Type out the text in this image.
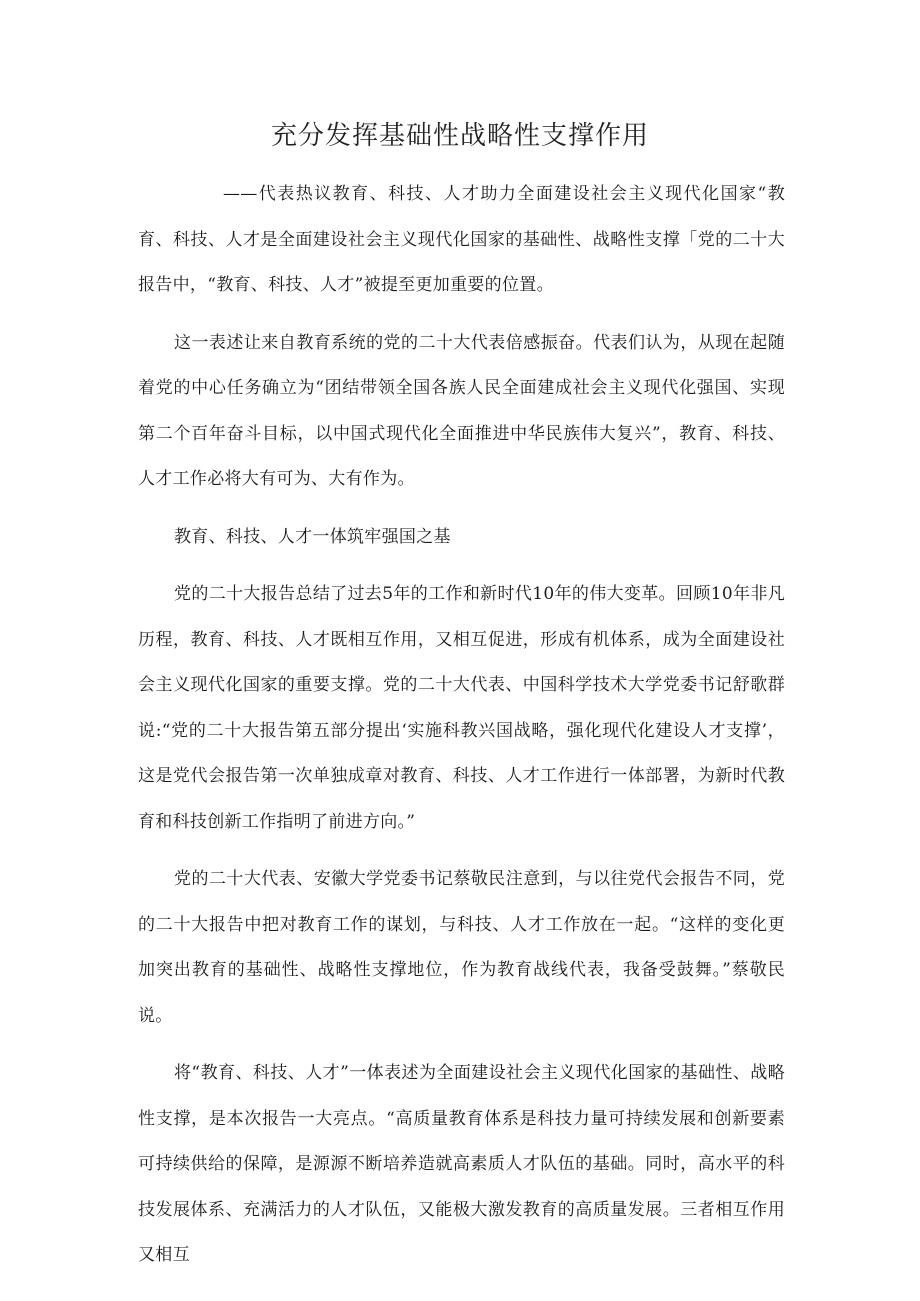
充分发挥基础性战略性支撑作用

——代表热议教育、科技、人才助力全面建设社会主义现代化国家“教育、科技、人才是全面建设社会主义现代化国家的基础性、战略性支撑「党的二十大报告中，“教育、科技、人才”被提至更加重要的位置。

这一表述让来自教育系统的党的二十大代表倍感振奋。代表们认为，从现在起随着党的中心任务确立为“团结带领全国各族人民全面建成社会主义现代化强国、实现第二个百年奋斗目标，以中国式现代化全面推进中华民族伟大复兴”，教育、科技、人才工作必将大有可为、大有作为。

教育、科技、人才一体筑牢强国之基

党的二十大报告总结了过去5年的工作和新时代10年的伟大变革。回顾10年非凡历程，教育、科技、人才既相互作用，又相互促进，形成有机体系，成为全面建设社会主义现代化国家的重要支撑。党的二十大代表、中国科学技术大学党委书记舒歌群说:“党的二十大报告第五部分提出‘实施科教兴国战略，强化现代化建设人才支撑’，这是党代会报告第一次单独成章对教育、科技、人才工作进行一体部署，为新时代教育和科技创新工作指明了前进方向。”

党的二十大代表、安徽大学党委书记蔡敬民注意到，与以往党代会报告不同，党的二十大报告中把对教育工作的谋划，与科技、人才工作放在一起。“这样的变化更加突出教育的基础性、战略性支撑地位，作为教育战线代表，我备受鼓舞。”蔡敬民说。

将“教育、科技、人才”一体表述为全面建设社会主义现代化国家的基础性、战略性支撑，是本次报告一大亮点。“高质量教育体系是科技力量可持续发展和创新要素可持续供给的保障，是源源不断培养造就高素质人才队伍的基础。同时，高水平的科技发展体系、充满活力的人才队伍，又能极大激发教育的高质量发展。三者相互作用又相互
